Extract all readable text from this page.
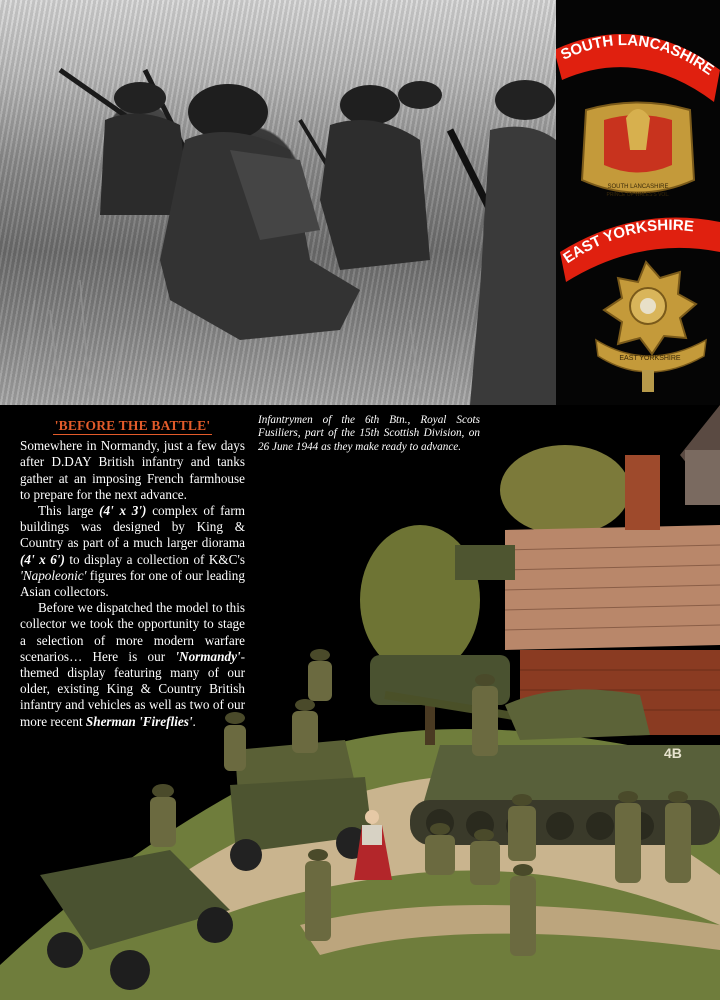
SOUTH LANCASHIRE
SOUTH LANCASHIRE
PRINCE OF WALES'S VOL.
EAST YORKSHIRE
EAST YORKSHIRE
4B
Infantrymen of the 6th Btn., Royal Scots Fusiliers, part of the 15th Scottish Division, on 26 June 1944 as they make ready to advance.
'BEFORE THE BATTLE'

Somewhere in Normandy, just a few days after D.DAY British infantry and tanks gather at an imposing French farmhouse to prepare for the next advance.

This large (4' x 3') complex of farm buildings was designed by King & Country as part of a much larger diorama (4' x 6') to display a collection of K&C's 'Napoleonic' figures for one of our leading Asian collectors.

Before we dispatched the model to this collector we took the opportunity to stage a selection of more modern warfare scenarios… Here is our 'Normandy'-themed display featuring many of our older, existing King & Country British infantry and vehicles as well as two of our more recent Sherman 'Fireflies'.
